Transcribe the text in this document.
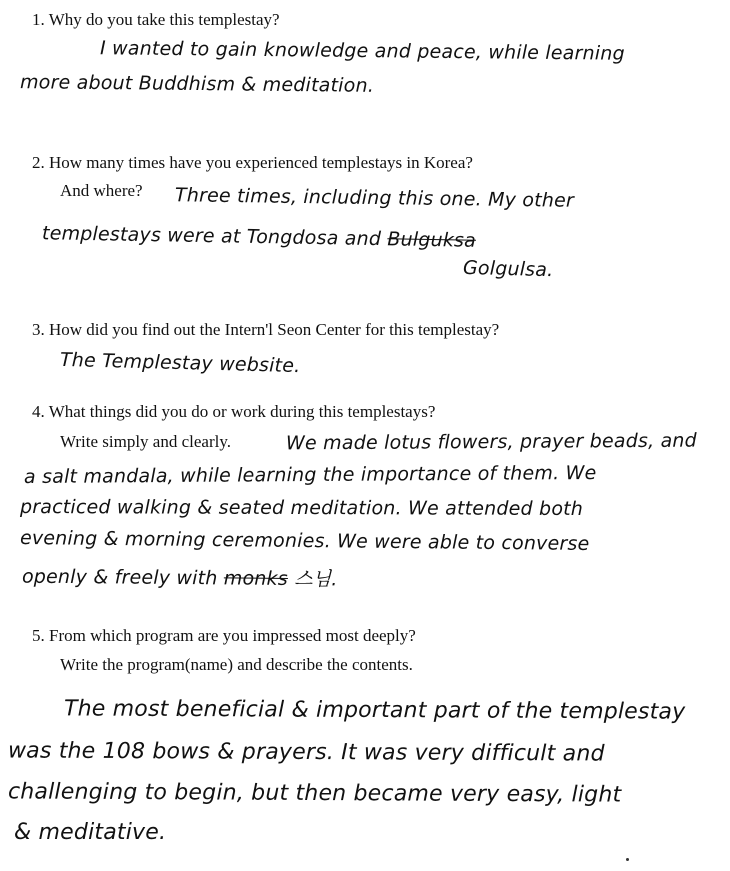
1. Why do you take this templestay?
I wanted to gain knowledge and peace, while learning
more about Buddhism & meditation.
2. How many times have you experienced templestays in Korea?
And where? Three times, including this one. My other
templestays were at Tongdosa and Bulguksa
Golgulsa.
3. How did you find out the Intern'l Seon Center for this templestay?
The Templestay website.
4. What things did you do or work during this templestays?
Write simply and clearly.	We made lotus flowers, prayer beads, and
a salt mandala, while learning the importance of them. We
practiced walking & seated meditation. We attended both
evening & morning ceremonies. We were able to converse
openly & freely with monks 스님.
5. From which program are you impressed most deeply?
Write the program(name) and describe the contents.
The most beneficial & important part of the templestay
was the 108 bows & prayers. It was very difficult and
challenging to begin, but then became very easy, light
& meditative.
